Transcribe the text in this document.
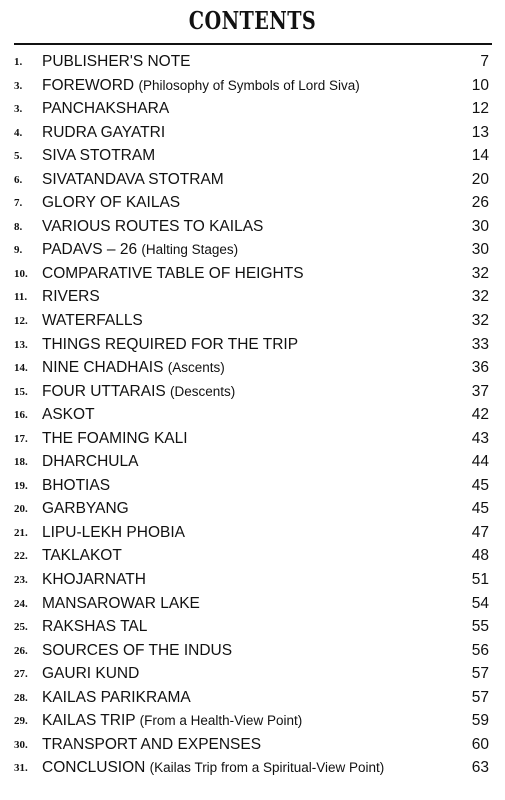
CONTENTS
1.	PUBLISHER'S NOTE	7
3.	FOREWORD (Philosophy of Symbols of Lord Siva)	10
3.	PANCHAKSHARA	12
4.	RUDRA GAYATRI	13
5.	SIVA STOTRAM	14
6.	SIVATANDAVA STOTRAM	20
7.	GLORY OF KAILAS	26
8.	VARIOUS ROUTES TO KAILAS	30
9.	PADAVS – 26 (Halting Stages)	30
10. COMPARATIVE TABLE OF HEIGHTS	32
11. RIVERS	32
12. WATERFALLS	32
13. THINGS REQUIRED FOR THE TRIP	33
14. NINE CHADHAIS (Ascents)	36
15. FOUR UTTARAIS (Descents)	37
16. ASKOT	42
17. THE FOAMING KALI	43
18. DHARCHULA	44
19. BHOTIAS	45
20. GARBYANG	45
21. LIPU-LEKH PHOBIA	47
22. TAKLAKOT	48
23. KHOJARNATH	51
24. MANSAROWAR LAKE	54
25. RAKSHAS TAL	55
26. SOURCES OF THE INDUS	56
27. GAURI KUND	57
28. KAILAS PARIKRAMA	57
29. KAILAS TRIP (From a Health-View Point)	59
30. TRANSPORT AND EXPENSES	60
31. CONCLUSION (Kailas Trip from a Spiritual-View Point)	63
